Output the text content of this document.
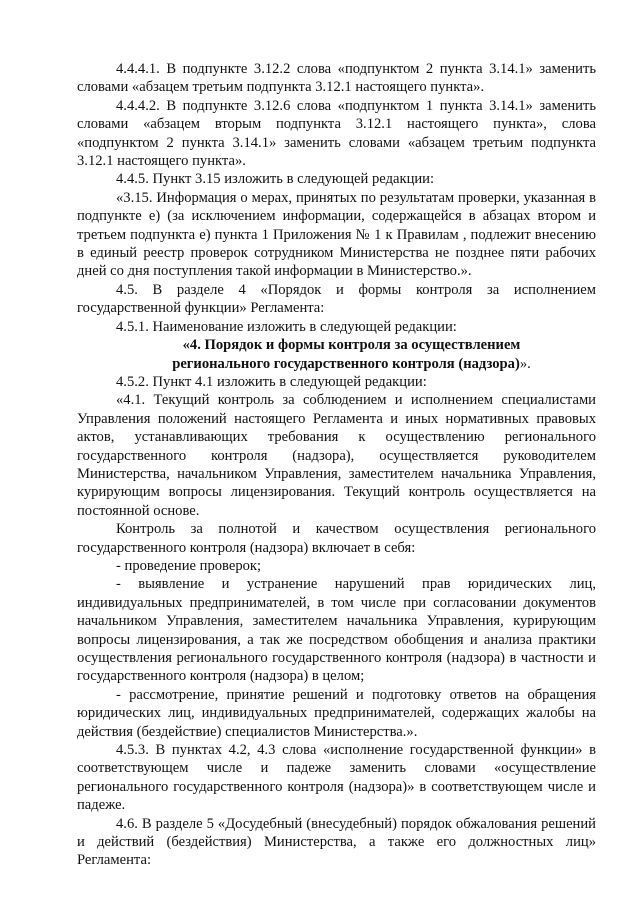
4.4.4.1. В подпункте 3.12.2 слова «подпунктом 2 пункта 3.14.1» заменить словами «абзацем третьим подпункта 3.12.1 настоящего пункта».

4.4.4.2. В подпункте 3.12.6 слова «подпунктом 1 пункта 3.14.1» заменить словами «абзацем вторым подпункта 3.12.1 настоящего пункта», слова «подпунктом 2 пункта 3.14.1» заменить словами «абзацем третьим подпункта 3.12.1 настоящего пункта».

4.4.5. Пункт 3.15 изложить в следующей редакции:

«3.15. Информация о мерах, принятых по результатам проверки, указанная в подпункте е) (за исключением информации, содержащейся в абзацах втором и третьем подпункта е) пункта 1 Приложения № 1 к Правилам , подлежит внесению в единый реестр проверок сотрудником Министерства не позднее пяти рабочих дней со дня поступления такой информации в Министерство.».

4.5. В разделе 4 «Порядок и формы контроля за исполнением государственной функции» Регламента:

4.5.1. Наименование изложить в следующей редакции:

«4. Порядок и формы контроля за осуществлением
регионального государственного контроля (надзора)».

4.5.2. Пункт 4.1 изложить в следующей редакции:

«4.1. Текущий контроль за соблюдением и исполнением специалистами Управления положений настоящего Регламента и иных нормативных правовых актов, устанавливающих требования к осуществлению регионального государственного контроля (надзора), осуществляется руководителем Министерства, начальником Управления, заместителем начальника Управления, курирующим вопросы лицензирования. Текущий контроль осуществляется на постоянной основе.

Контроль за полнотой и качеством осуществления регионального государственного контроля (надзора) включает в себя:

- проведение проверок;

- выявление и устранение нарушений прав юридических лиц, индивидуальных предпринимателей, в том числе при согласовании документов начальником Управления, заместителем начальника Управления, курирующим вопросы лицензирования, а так же посредством обобщения и анализа практики осуществления регионального государственного контроля (надзора) в частности и государственного контроля (надзора) в целом;

- рассмотрение, принятие решений и подготовку ответов на обращения юридических лиц, индивидуальных предпринимателей, содержащих жалобы на действия (бездействие) специалистов Министерства.».

4.5.3. В пунктах 4.2, 4.3 слова «исполнение государственной функции» в соответствующем числе и падеже заменить словами «осуществление регионального государственного контроля (надзора)» в соответствующем числе и падеже.

4.6. В разделе 5 «Досудебный (внесудебный) порядок обжалования решений и действий (бездействия) Министерства, а также его должностных лиц» Регламента:
